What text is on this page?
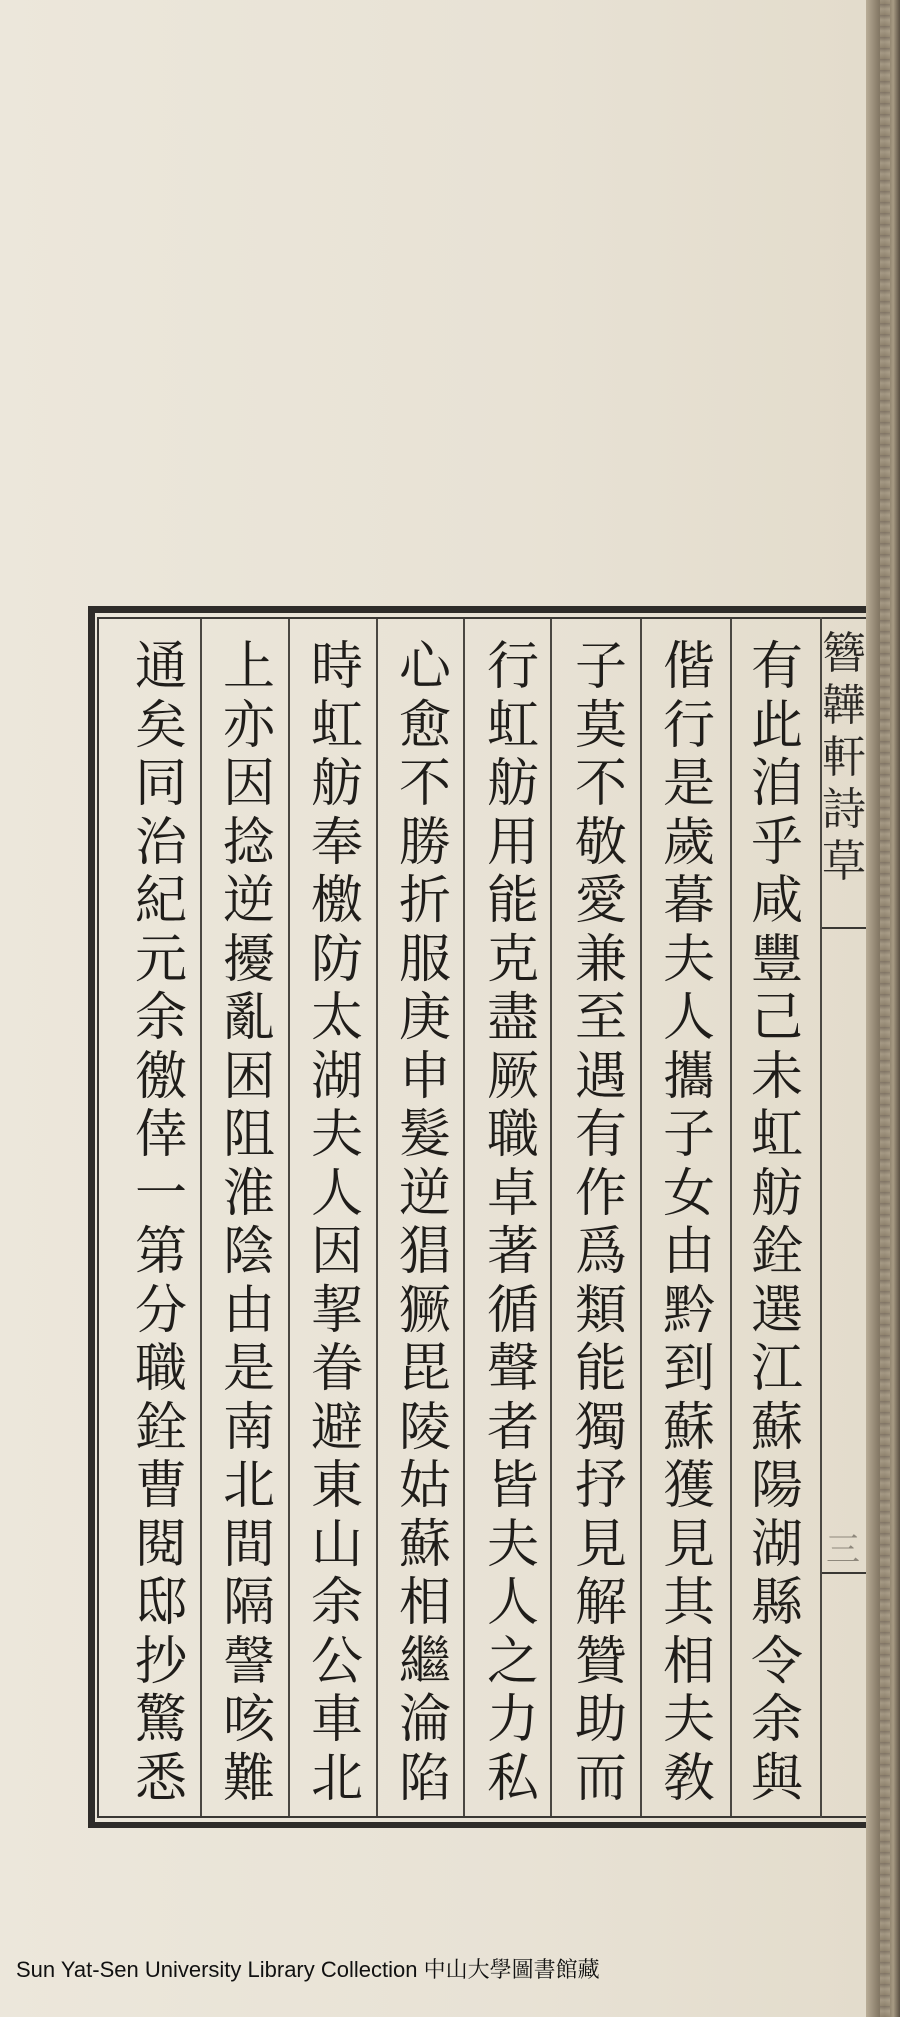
有
此
洎
乎
咸
豐
己
未
虹
舫
銓
選
江
蘇
陽
湖
縣
令
余
與
偕
行
是
歲
暮
夫
人
攜
子
女
由
黔
到
蘇
獲
見
其
相
夫
敎
子
莫
不
敬
愛
兼
至
遇
有
作
爲
類
能
獨
抒
見
解
贊
助
而
行
虹
舫
用
能
克
盡
厥
職
卓
著
循
聲
者
皆
夫
人
之
力
私
心
愈
不
勝
折
服
庚
申
髮
逆
猖
獗
毘
陵
姑
蘇
相
繼
淪
陷
時
虹
舫
奉
檄
防
太
湖
夫
人
因
挈
眷
避
東
山
余
公
車
北
上
亦
因
捻
逆
擾
亂
困
阻
淮
陰
由
是
南
北
間
隔
謦
咳
難
通
矣
同
治
紀
元
余
徼
倖
一
第
分
職
銓
曹
閱
邸
抄
驚
悉
簪
韡
軒
詩
草
三
Sun Yat-Sen University Library Collection 中山大學圖書館藏
